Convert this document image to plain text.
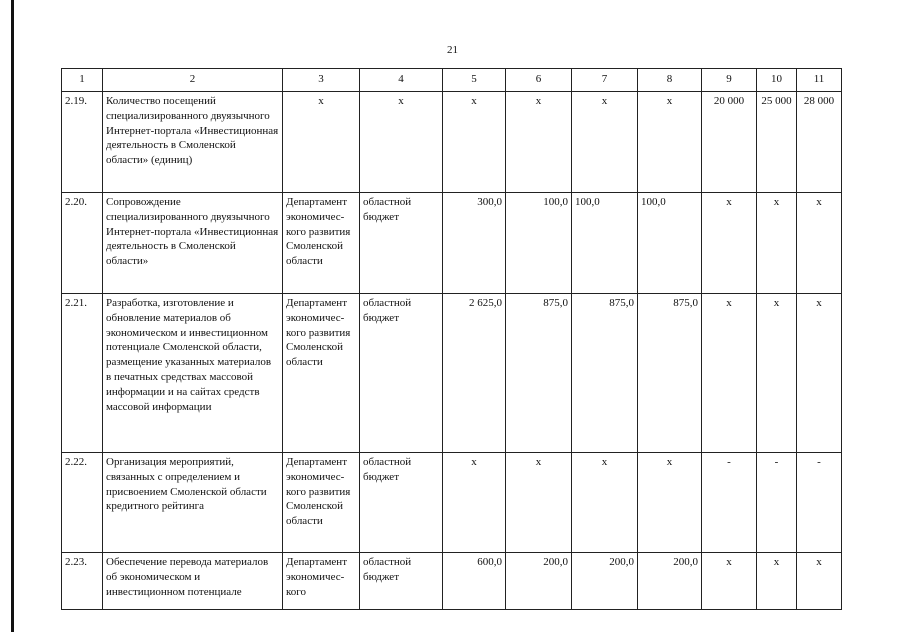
21
1	2	3	4	5	6	7	8	9	10	11
2.19.	Количество посещений специализированного двуязычного Интернет-портала «Инвестиционная деятельность в Смоленской области» (единиц)	х	х	х	х	х	х	20 000	25 000	28 000
2.20.	Сопровождение специализированного двуязычного Интернет-портала «Инвестиционная деятельность в Смоленской области»	Департамент экономичес-кого развития Смоленской области	областной бюджет	300,0	100,0	100,0	100,0	х	х	х
2.21.	Разработка, изготовление и обновление материалов об экономическом и инвестиционном потенциале Смоленской области, размещение указанных материалов в печатных средствах массовой информации и на сайтах средств массовой информации	Департамент экономичес-кого развития Смоленской области	областной бюджет	2 625,0	875,0	875,0	875,0	х	х	х
2.22.	Организация мероприятий, связанных с определением и присвоением Смоленской области кредитного рейтинга	Департамент экономичес-кого развития Смоленской области	областной бюджет	х	х	х	х	-	-	-
2.23.	Обеспечение перевода материалов об экономическом и инвестиционном потенциале	Департамент экономичес-кого	областной бюджет	600,0	200,0	200,0	200,0	х	х	х
